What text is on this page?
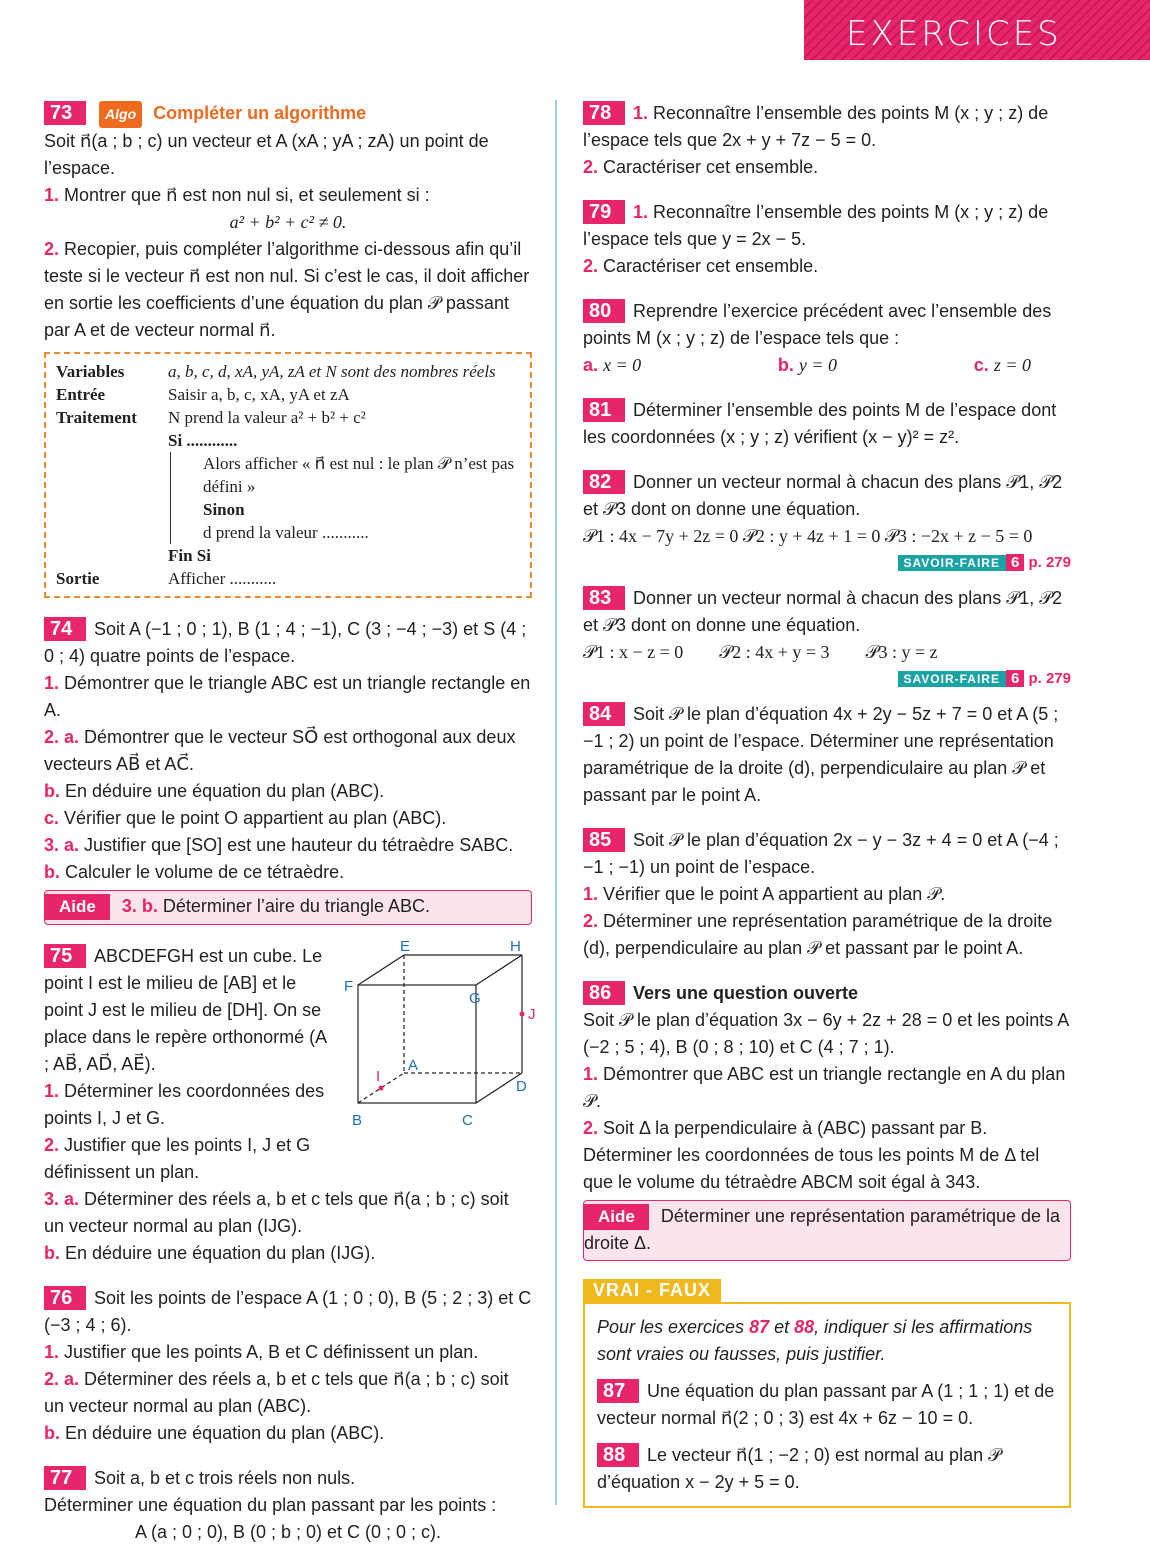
EXERCICES
73 Algo Compléter un algorithme
Soit n⃗(a ; b ; c) un vecteur et A (xA ; yA ; zA) un point de l’espace.
1. Montrer que n⃗ est non nul si, et seulement si :
a² + b² + c² ≠ 0.
2. Recopier, puis compléter l’algorithme ci-dessous afin qu’il teste si le vecteur n⃗ est non nul. Si c’est le cas, il doit afficher en sortie les coefficients d’une équation du plan 𝒫 passant par A et de vecteur normal n⃗.
Variables	a, b, c, d, xA, yA, zA et N sont des nombres réels
Entrée	Saisir a, b, c, xA, yA et zA
Traitement	N prend la valeur a² + b² + c²
	Si ............

	Alors afficher « n⃗ est nul : le plan 𝒫 n’est pas défini »
Sinon
d prend la valeur ...........

	Fin Si
Sortie	Afficher ...........
74 Soit A (−1 ; 0 ; 1), B (1 ; 4 ; −1), C (3 ; −4 ; −3) et S (4 ; 0 ; 4) quatre points de l’espace.
1. Démontrer que le triangle ABC est un triangle rectangle en A.
2. a. Démontrer que le vecteur SO⃗ est orthogonal aux deux vecteurs AB⃗ et AC⃗.
b. En déduire une équation du plan (ABC).
c. Vérifier que le point O appartient au plan (ABC).
3. a. Justifier que [SO] est une hauteur du tétraèdre SABC.
b. Calculer le volume de ce tétraèdre.
Aide 3. b. Déterminer l’aire du triangle ABC.
75 ABCDEFGH est un cube. Le point I est le milieu de [AB] et le point J est le milieu de [DH]. On se place dans le repère orthonormé (A ; AB⃗, AD⃗, AE⃗).
1. Déterminer les coordonnées des points I, J et G.
2. Justifier que les points I, J et G définissent un plan.
E	H
F
G
A
D
B	C
J
I
3. a. Déterminer des réels a, b et c tels que n⃗(a ; b ; c) soit un vecteur normal au plan (IJG).
b. En déduire une équation du plan (IJG).
76 Soit les points de l’espace A (1 ; 0 ; 0), B (5 ; 2 ; 3) et C (−3 ; 4 ; 6).
1. Justifier que les points A, B et C définissent un plan.
2. a. Déterminer des réels a, b et c tels que n⃗(a ; b ; c) soit un vecteur normal au plan (ABC).
b. En déduire une équation du plan (ABC).
77 Soit a, b et c trois réels non nuls.
Déterminer une équation du plan passant par les points :
A (a ; 0 ; 0), B (0 ; b ; 0) et C (0 ; 0 ; c).
78 1. Reconnaître l’ensemble des points M (x ; y ; z) de l’espace tels que 2x + y + 7z − 5 = 0.
2. Caractériser cet ensemble.
79 1. Reconnaître l’ensemble des points M (x ; y ; z) de l’espace tels que y = 2x − 5.
2. Caractériser cet ensemble.
80 Reprendre l’exercice précédent avec l’ensemble des points M (x ; y ; z) de l’espace tels que :
a. x = 0	b. y = 0	c. z = 0
81 Déterminer l’ensemble des points M de l’espace dont les coordonnées (x ; y ; z) vérifient (x − y)² = z².
82 Donner un vecteur normal à chacun des plans 𝒫1, 𝒫2 et 𝒫3 dont on donne une équation.
𝒫1 : 4x − 7y + 2z = 0 𝒫2 : y + 4z + 1 = 0 𝒫3 : −2x + z − 5 = 0
SAVOIR-FAIRE 6 p. 279
83 Donner un vecteur normal à chacun des plans 𝒫1, 𝒫2 et 𝒫3 dont on donne une équation.
𝒫1 : x − z = 0        𝒫2 : 4x + y = 3        𝒫3 : y = z
SAVOIR-FAIRE 6 p. 279
84 Soit 𝒫 le plan d’équation 4x + 2y − 5z + 7 = 0 et A (5 ; −1 ; 2) un point de l’espace. Déterminer une représentation paramétrique de la droite (d), perpendiculaire au plan 𝒫 et passant par le point A.
85 Soit 𝒫 le plan d’équation 2x − y − 3z + 4 = 0 et A (−4 ; −1 ; −1) un point de l’espace.
1. Vérifier que le point A appartient au plan 𝒫.
2. Déterminer une représentation paramétrique de la droite (d), perpendiculaire au plan 𝒫 et passant par le point A.
86 Vers une question ouverte
Soit 𝒫 le plan d’équation 3x − 6y + 2z + 28 = 0 et les points A (−2 ; 5 ; 4), B (0 ; 8 ; 10) et C (4 ; 7 ; 1).
1. Démontrer que ABC est un triangle rectangle en A du plan 𝒫.
2. Soit Δ la perpendiculaire à (ABC) passant par B. Déterminer les coordonnées de tous les points M de Δ tel que le volume du tétraèdre ABCM soit égal à 343.
Aide Déterminer une représentation paramétrique de la droite Δ.
VRAI - FAUX
Pour les exercices 87 et 88, indiquer si les affirmations sont vraies ou fausses, puis justifier.
87 Une équation du plan passant par A (1 ; 1 ; 1) et de vecteur normal n⃗(2 ; 0 ; 3) est 4x + 6z − 10 = 0.
88 Le vecteur n⃗(1 ; −2 ; 0) est normal au plan 𝒫 d’équation x − 2y + 5 = 0.
